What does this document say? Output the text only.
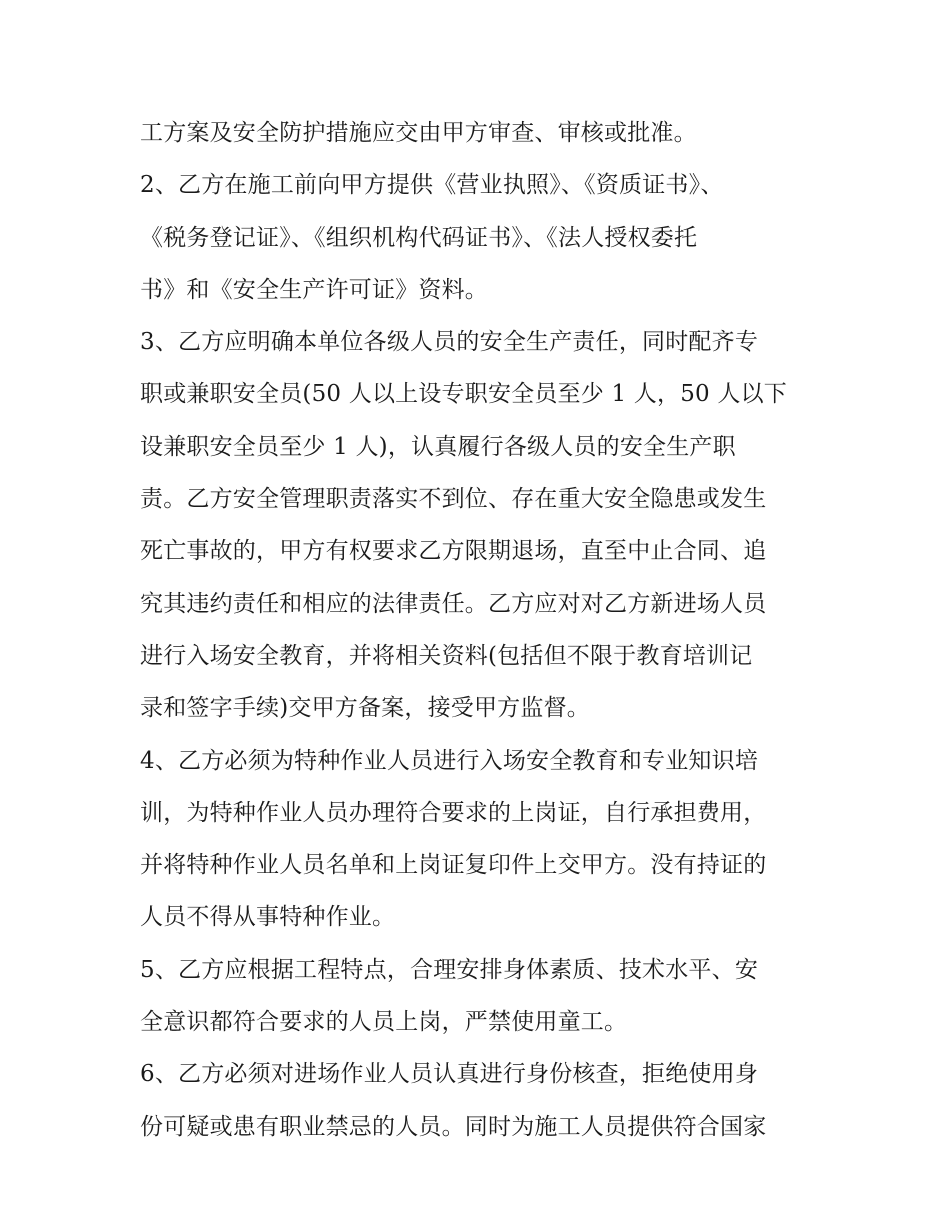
工方案及安全防护措施应交由甲方审查、审核或批准。
2、乙方在施工前向甲方提供《营业执照》、《资质证书》、
《税务登记证》、《组织机构代码证书》、《法人授权委托
书》和《安全生产许可证》资料。
3、乙方应明确本单位各级人员的安全生产责任，同时配齐专
职或兼职安全员(50 人以上设专职安全员至少 1 人，50 人以下
设兼职安全员至少 1 人)，认真履行各级人员的安全生产职
责。乙方安全管理职责落实不到位、存在重大安全隐患或发生
死亡事故的，甲方有权要求乙方限期退场，直至中止合同、追
究其违约责任和相应的法律责任。乙方应对对乙方新进场人员
进行入场安全教育，并将相关资料(包括但不限于教育培训记
录和签字手续)交甲方备案，接受甲方监督。
4、乙方必须为特种作业人员进行入场安全教育和专业知识培
训，为特种作业人员办理符合要求的上岗证，自行承担费用，
并将特种作业人员名单和上岗证复印件上交甲方。没有持证的
人员不得从事特种作业。
5、乙方应根据工程特点，合理安排身体素质、技术水平、安
全意识都符合要求的人员上岗，严禁使用童工。
6、乙方必须对进场作业人员认真进行身份核查，拒绝使用身
份可疑或患有职业禁忌的人员。同时为施工人员提供符合国家
